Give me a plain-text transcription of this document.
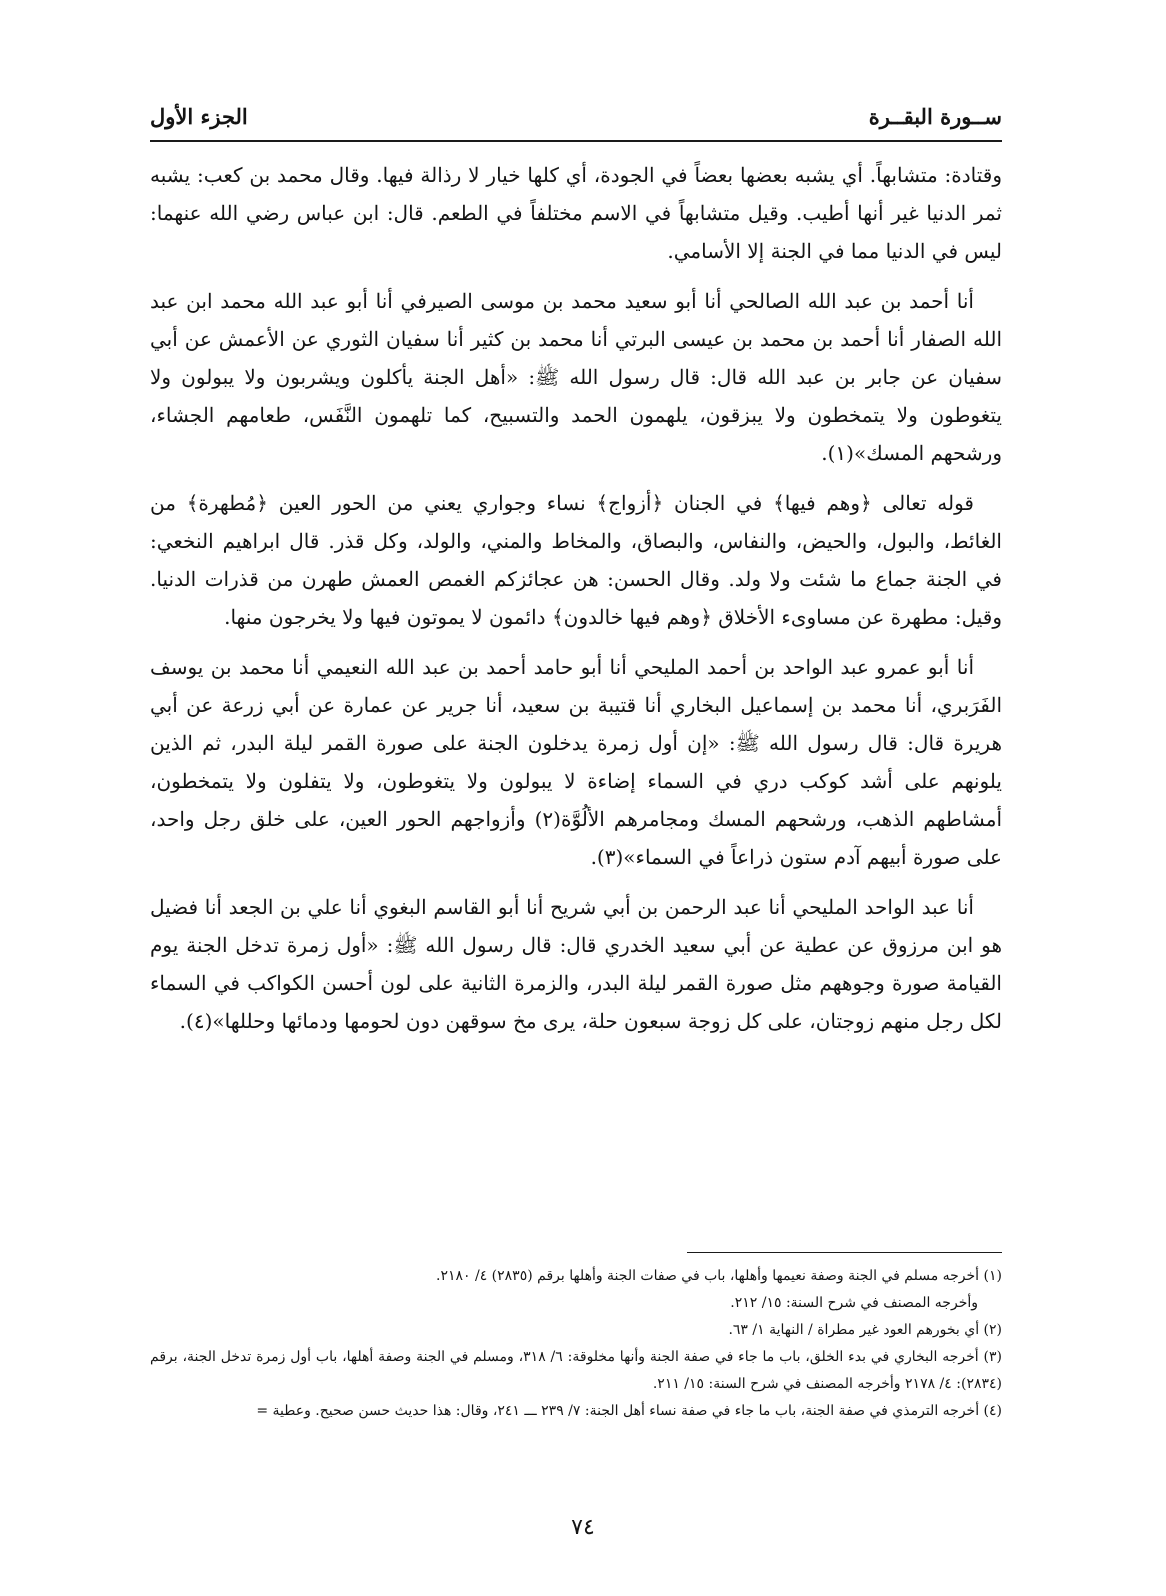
ســورة البقــرة
الجزء الأول

وقتادة: متشابهاً. أي يشبه بعضها بعضاً في الجودة، أي كلها خيار لا رذالة فيها. وقال محمد بن كعب: يشبه ثمر الدنيا غير أنها أطيب. وقيل متشابهاً في الاسم مختلفاً في الطعم. قال: ابن عباس رضي الله عنهما: ليس في الدنيا مما في الجنة إلا الأسامي.

أنا أحمد بن عبد الله الصالحي أنا أبو سعيد محمد بن موسى الصيرفي أنا أبو عبد الله محمد ابن عبد الله الصفار أنا أحمد بن محمد بن عيسى البرتي أنا محمد بن كثير أنا سفيان الثوري عن الأعمش عن أبي سفيان عن جابر بن عبد الله قال: قال رسول الله ﷺ: «أهل الجنة يأكلون ويشربون ولا يبولون ولا يتغوطون ولا يتمخطون ولا يبزقون، يلهمون الحمد والتسبيح، كما تلهمون النَّفَس، طعامهم الجشاء، ورشحهم المسك»(١).

قوله تعالى ﴿وهم فيها﴾ في الجنان ﴿أزواج﴾ نساء وجواري يعني من الحور العين ﴿مُطهرة﴾ من الغائط، والبول، والحيض، والنفاس، والبصاق، والمخاط والمني، والولد، وكل قذر. قال ابراهيم النخعي: في الجنة جماع ما شئت ولا ولد. وقال الحسن: هن عجائزكم الغمص العمش طهرن من قذرات الدنيا. وقيل: مطهرة عن مساوىء الأخلاق ﴿وهم فيها خالدون﴾ دائمون لا يموتون فيها ولا يخرجون منها.

أنا أبو عمرو عبد الواحد بن أحمد المليحي أنا أبو حامد أحمد بن عبد الله النعيمي أنا محمد بن يوسف الفَرَبري، أنا محمد بن إسماعيل البخاري أنا قتيبة بن سعيد، أنا جرير عن عمارة عن أبي زرعة عن أبي هريرة قال: قال رسول الله ﷺ: «إن أول زمرة يدخلون الجنة على صورة القمر ليلة البدر، ثم الذين يلونهم على أشد كوكب دري في السماء إضاءة لا يبولون ولا يتغوطون، ولا يتفلون ولا يتمخطون، أمشاطهم الذهب، ورشحهم المسك ومجامرهم الألُوَّة(٢) وأزواجهم الحور العين، على خلق رجل واحد، على صورة أبيهم آدم ستون ذراعاً في السماء»(٣).

أنا عبد الواحد المليحي أنا عبد الرحمن بن أبي شريح أنا أبو القاسم البغوي أنا علي بن الجعد أنا فضيل هو ابن مرزوق عن عطية عن أبي سعيد الخدري قال: قال رسول الله ﷺ: «أول زمرة تدخل الجنة يوم القيامة صورة وجوههم مثل صورة القمر ليلة البدر، والزمرة الثانية على لون أحسن الكواكب في السماء لكل رجل منهم زوجتان، على كل زوجة سبعون حلة، يرى مخ سوقهن دون لحومها ودمائها وحللها»(٤).

(١) أخرجه مسلم في الجنة وصفة نعيمها وأهلها، باب في صفات الجنة وأهلها برقم (٢٨٣٥) ٤/ ٢١٨٠.

وأخرجه المصنف في شرح السنة: ١٥/ ٢١٢.

(٢) أي بخورهم العود غير مطراة / النهاية ١/ ٦٣.

(٣) أخرجه البخاري في بدء الخلق، باب ما جاء في صفة الجنة وأنها مخلوقة: ٦/ ٣١٨، ومسلم في الجنة وصفة أهلها، باب أول زمرة تدخل الجنة، برقم (٢٨٣٤): ٤/ ٢١٧٨ وأخرجه المصنف في شرح السنة: ١٥/ ٢١١.

(٤) أخرجه الترمذي في صفة الجنة، باب ما جاء في صفة نساء أهل الجنة: ٧/ ٢٣٩ ـــ ٢٤١، وقال: هذا حديث حسن صحيح. وعطية =

٧٤
